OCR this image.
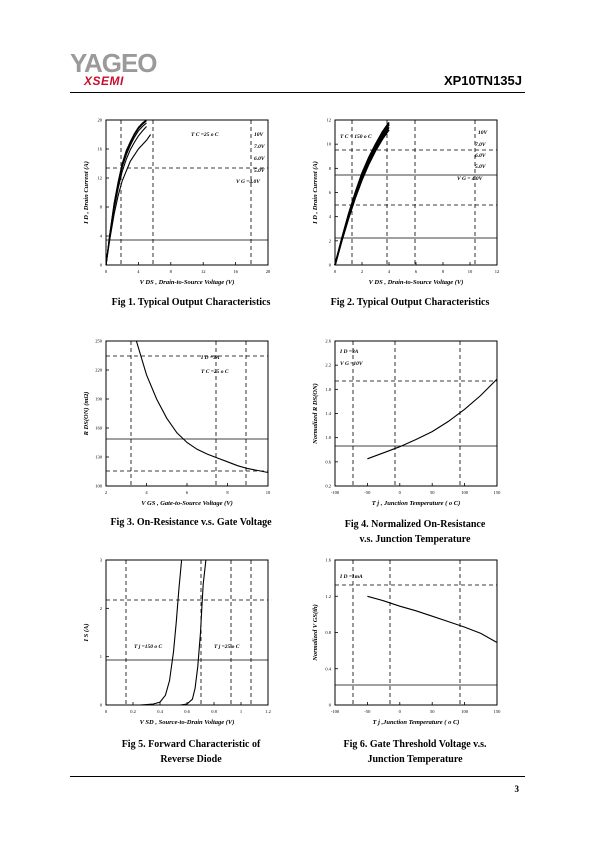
YAGEO
XSEMI	XP10TN135J
0	4	8	12	16	20
0
4
8
12
16
20
V DS , Drain-to-Source Voltage (V)
I D , Drain Current (A)
T C =25 o C	10V
7.0V
6.0V
5.0V
V G =4.0V
Fig 1. Typical Output Characteristics
0	2	4	6	8	10	12
0
2
4
6
8
10
12
V DS , Drain-to-Source Voltage (V)
I D , Drain Current (A)
T C = 150 o C
10V
7.0V
6.0V
5.0V
V G = 4.0V
Fig 2. Typical Output Characteristics
2	4	6	8	10
100
130
160
190
220
250
V GS , Gate-to-Source Voltage (V)
R DS(ON) (mΩ)
I D =3A
T C =25 o C
Fig 3. On-Resistance v.s. Gate Voltage
-100	-50	0	50	100	150
0.2
0.6
1.0
1.4
1.8
2.2
2.6
T j , Junction Temperature ( o C)
Normalized R DS(ON)
I D =3A
V G =10V
Fig 4. Normalized On-Resistance
v.s. Junction Temperature
0	0.2	0.4	0.6	0.8	1	1.2
0
1
2
3
V SD , Source-to-Drain Voltage (V)
I S (A)
T j =150 o C	T j =25 o C
Fig 5. Forward Characteristic of
Reverse Diode
-100	-50	0	50	100	150
0
0.4
0.8
1.2
1.6
T j ,Junction Temperature ( o C)
Normalized V GS(th)
I D =1mA
Fig 6. Gate Threshold Voltage v.s.
Junction Temperature
3
